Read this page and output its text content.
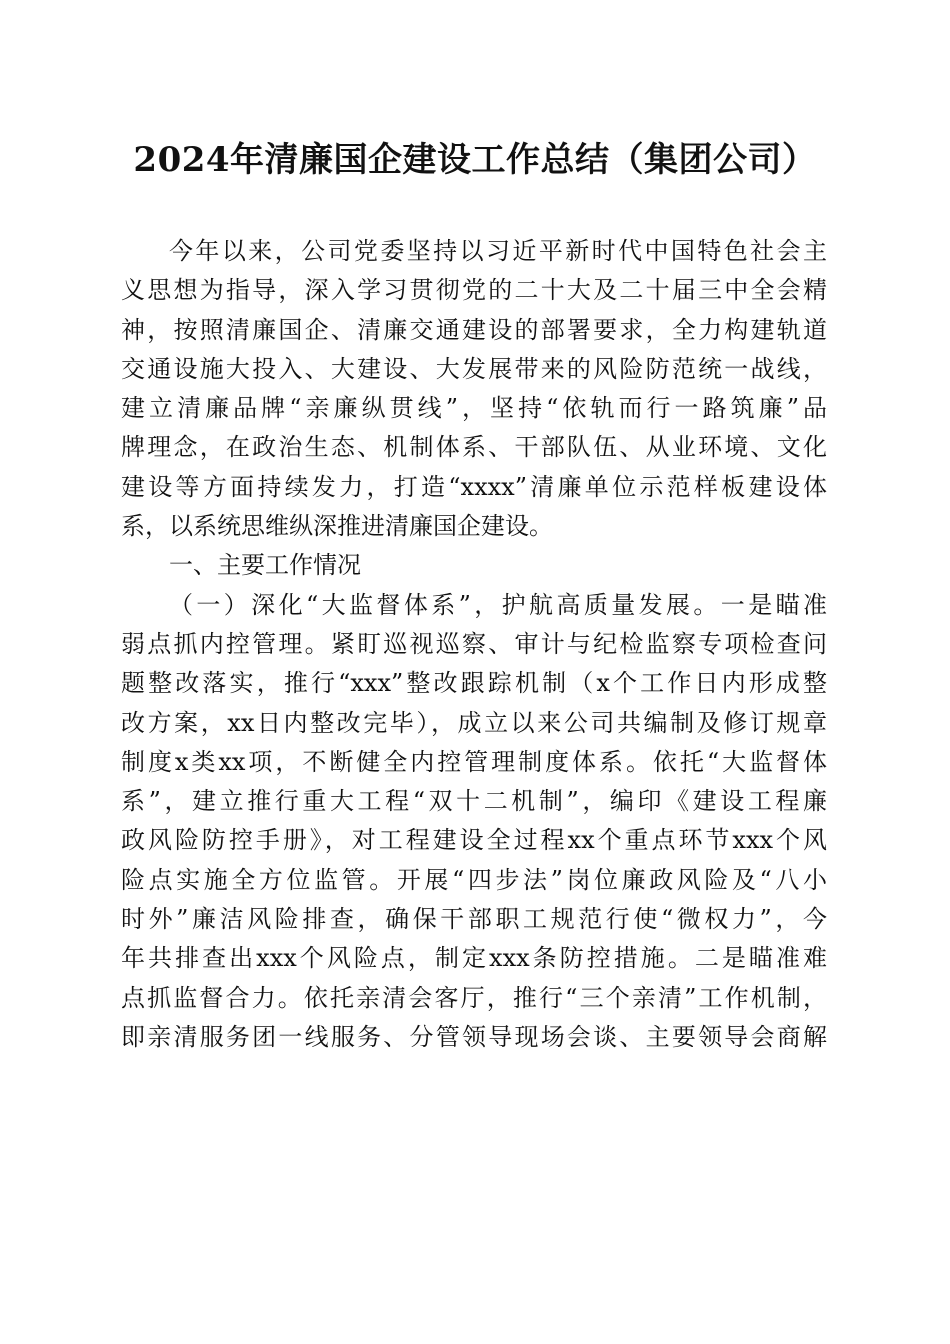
2024年清廉国企建设工作总结（集团公司）
今年以来，公司党委坚持以习近平新时代中国特色社会主
义思想为指导，深入学习贯彻党的二十大及二十届三中全会精
神，按照清廉国企、清廉交通建设的部署要求，全力构建轨道
交通设施大投入、大建设、大发展带来的风险防范统一战线，
建立清廉品牌“亲廉纵贯线”，坚持“依轨而行一路筑廉”品
牌理念，在政治生态、机制体系、干部队伍、从业环境、文化
建设等方面持续发力，打造“xxxx”清廉单位示范样板建设体
系，以系统思维纵深推进清廉国企建设。
一、主要工作情况
（一）深化“大监督体系”，护航高质量发展。一是瞄准
弱点抓内控管理。紧盯巡视巡察、审计与纪检监察专项检查问
题整改落实，推行“xxx”整改跟踪机制（x个工作日内形成整
改方案，xx日内整改完毕），成立以来公司共编制及修订规章
制度x类xx项，不断健全内控管理制度体系。依托“大监督体
系”，建立推行重大工程“双十二机制”，编印《建设工程廉
政风险防控手册》，对工程建设全过程xx个重点环节xxx个风
险点实施全方位监管。开展“四步法”岗位廉政风险及“八小
时外”廉洁风险排查，确保干部职工规范行使“微权力”，今
年共排查出xxx个风险点，制定xxx条防控措施。二是瞄准难
点抓监督合力。依托亲清会客厅，推行“三个亲清”工作机制，
即亲清服务团一线服务、分管领导现场会谈、主要领导会商解
